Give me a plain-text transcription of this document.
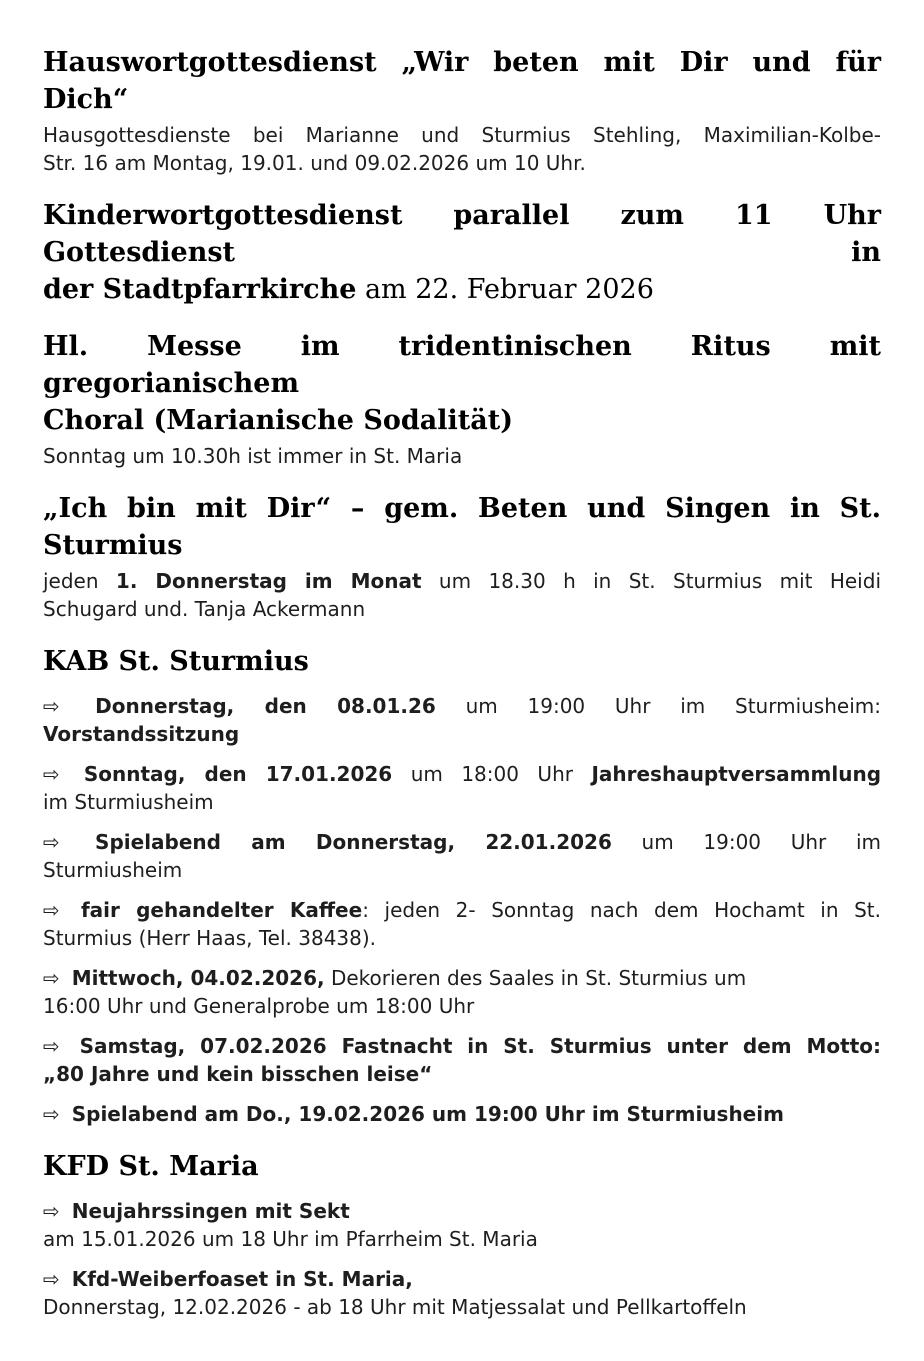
Hauswortgottesdienst „Wir beten mit Dir und für Dich“
Hausgottesdienste bei Marianne und Sturmius Stehling, Maximilian-Kolbe-
Str. 16 am Montag, 19.01. und 09.02.2026 um 10 Uhr.
Kinderwortgottesdienst parallel zum 11 Uhr Gottesdienst in
der Stadtpfarrkirche am 22. Februar 2026
Hl. Messe im tridentinischen Ritus mit gregorianischem
Choral (Marianische Sodalität)

Sonntag um 10.30h ist immer in St. Maria

„Ich bin mit Dir“ – gem. Beten und Singen in St. Sturmius
jeden 1. Donnerstag im Monat um 18.30 h in St. Sturmius mit Heidi
Schugard und. Tanja Ackermann
KAB St. Sturmius
⇨ Donnerstag, den 08.01.26 um 19:00 Uhr im Sturmiusheim:
Vorstandssitzung
⇨ Sonntag, den 17.01.2026 um 18:00 Uhr Jahreshauptversammlung
im Sturmiusheim
⇨ Spielabend am Donnerstag, 22.01.2026 um 19:00 Uhr im
Sturmiusheim
⇨ fair gehandelter Kaffee: jeden 2- Sonntag nach dem Hochamt in St.
Sturmius (Herr Haas, Tel. 38438).
⇨ Mittwoch, 04.02.2026, Dekorieren des Saales in St. Sturmius um
16:00 Uhr und Generalprobe um 18:00 Uhr
⇨ Samstag, 07.02.2026 Fastnacht in St. Sturmius unter dem Motto:
„80 Jahre und kein bisschen leise“
⇨ Spielabend am Do., 19.02.2026 um 19:00 Uhr im Sturmiusheim
KFD St. Maria
⇨ Neujahrssingen mit Sekt
am 15.01.2026 um 18 Uhr im Pfarrheim St. Maria
⇨ Kfd-Weiberfoaset in St. Maria,
Donnerstag, 12.02.2026 - ab 18 Uhr mit Matjessalat und Pellkartoffeln
